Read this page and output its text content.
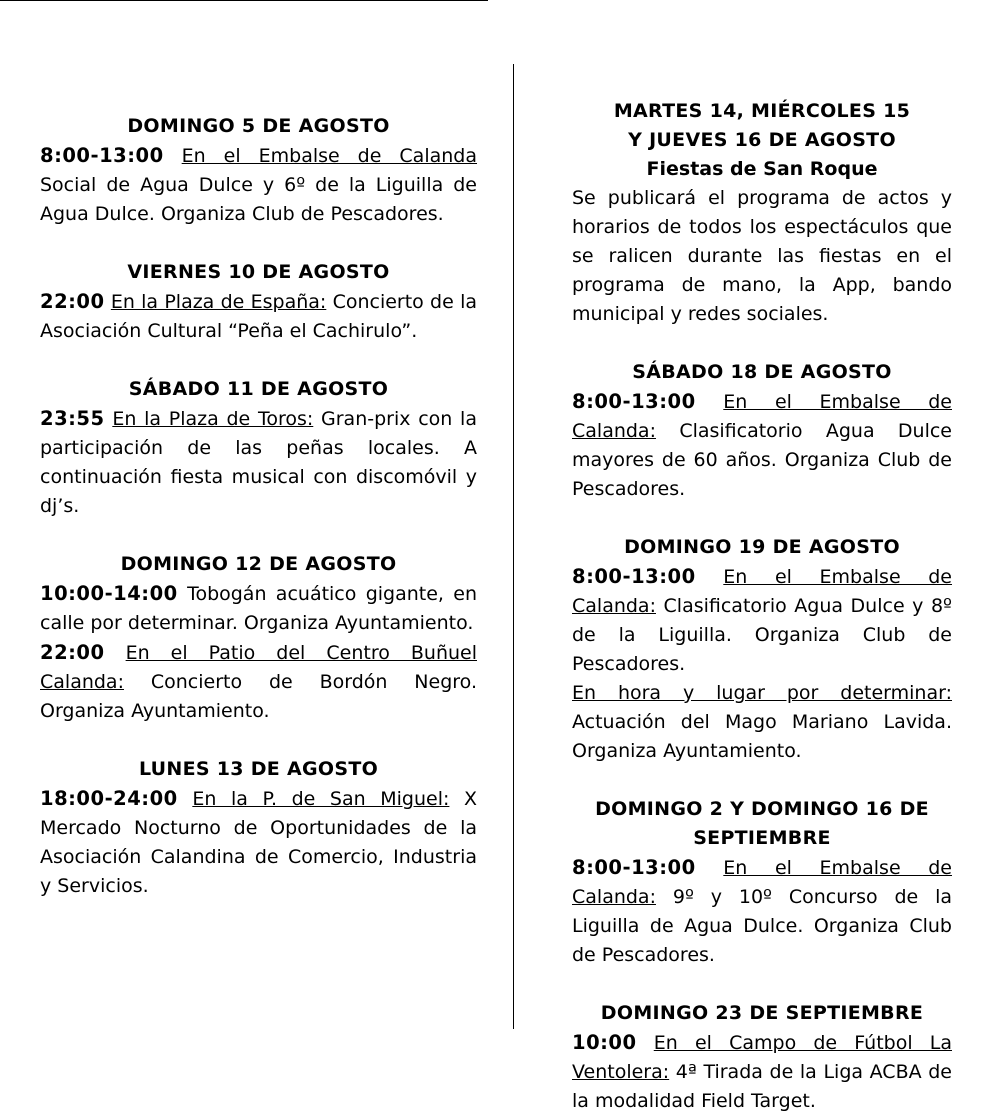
DOMINGO 5 DE AGOSTO
8:00-13:00 En el Embalse de Calanda Social de Agua Dulce y 6º de la Liguilla de Agua Dulce. Organiza Club de Pescadores.
VIERNES 10 DE AGOSTO
22:00 En la Plaza de España: Concierto de la Asociación Cultural “Peña el Cachirulo”.
SÁBADO 11 DE AGOSTO
23:55 En la Plaza de Toros: Gran-prix con la participación de las peñas locales. A continuación fiesta musical con discomóvil y dj’s.
DOMINGO 12 DE AGOSTO
10:00-14:00 Tobogán acuático gigante, en calle por determinar. Organiza Ayuntamiento.
22:00 En el Patio del Centro Buñuel Calanda: Concierto de Bordón Negro. Organiza Ayuntamiento.
LUNES 13 DE AGOSTO
18:00-24:00 En la P. de San Miguel: X Mercado Nocturno de Oportunidades de la Asociación Calandina de Comercio, Industria y Servicios.
MARTES 14, MIÉRCOLES 15
Y JUEVES 16 DE AGOSTO
Fiestas de San Roque
Se publicará el programa de actos y horarios de todos los espectáculos que se ralicen durante las fiestas en el programa de mano, la App, bando municipal y redes sociales.
SÁBADO 18 DE AGOSTO
8:00-13:00 En el Embalse de Calanda: Clasificatorio Agua Dulce mayores de 60 años. Organiza Club de Pescadores.
DOMINGO 19 DE AGOSTO
8:00-13:00 En el Embalse de Calanda: Clasificatorio Agua Dulce y 8º de la Liguilla. Organiza Club de Pescadores.
En hora y lugar por determinar: Actuación del Mago Mariano Lavida. Organiza Ayuntamiento.
DOMINGO 2 Y DOMINGO 16 DE
SEPTIEMBRE
8:00-13:00 En el Embalse de Calanda: 9º y 10º Concurso de la Liguilla de Agua Dulce. Organiza Club de Pescadores.
DOMINGO 23 DE SEPTIEMBRE
10:00 En el Campo de Fútbol La Ventolera: 4ª Tirada de la Liga ACBA de la modalidad Field Target.
